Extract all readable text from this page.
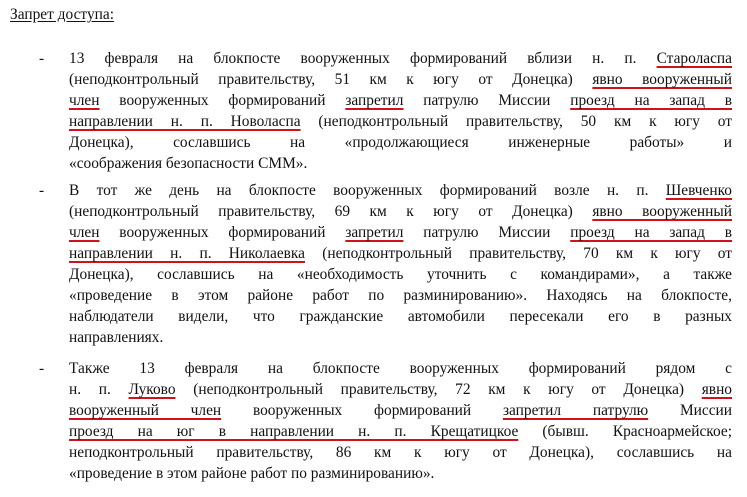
Запрет доступа:
- 13 февраля на блокпосте вооруженных формирований вблизи н. п. Староласпа
(неподконтрольный правительству, 51 км к югу от Донецка) явно вооруженный
член вооруженных формирований запретил патрулю Миссии проезд на запад в
направлении н. п. Новоласпа (неподконтрольный правительству, 50 км к югу от
Донецка), сославшись на «продолжающиеся инженерные работы» и
«соображения безопасности СММ».
- В тот же день на блокпосте вооруженных формирований возле н. п. Шевченко
(неподконтрольный правительству, 69 км к югу от Донецка) явно вооруженный
член вооруженных формирований запретил патрулю Миссии проезд на запад в
направлении н. п. Николаевка (неподконтрольный правительству, 70 км к югу от
Донецка), сославшись на «необходимость уточнить с командирами», а также
«проведение в этом районе работ по разминированию». Находясь на блокпосте,
наблюдатели видели, что гражданские автомобили пересекали его в разных
направлениях.
- Также 13 февраля на блокпосте вооруженных формирований рядом с
н. п. Луково (неподконтрольный правительству, 72 км к югу от Донецка) явно
вооруженный член вооруженных формирований запретил патрулю Миссии
проезд на юг в направлении н. п. Крещатицкое (бывш. Красноармейское;
неподконтрольный правительству, 86 км к югу от Донецка), сославшись на
«проведение в этом районе работ по разминированию».
